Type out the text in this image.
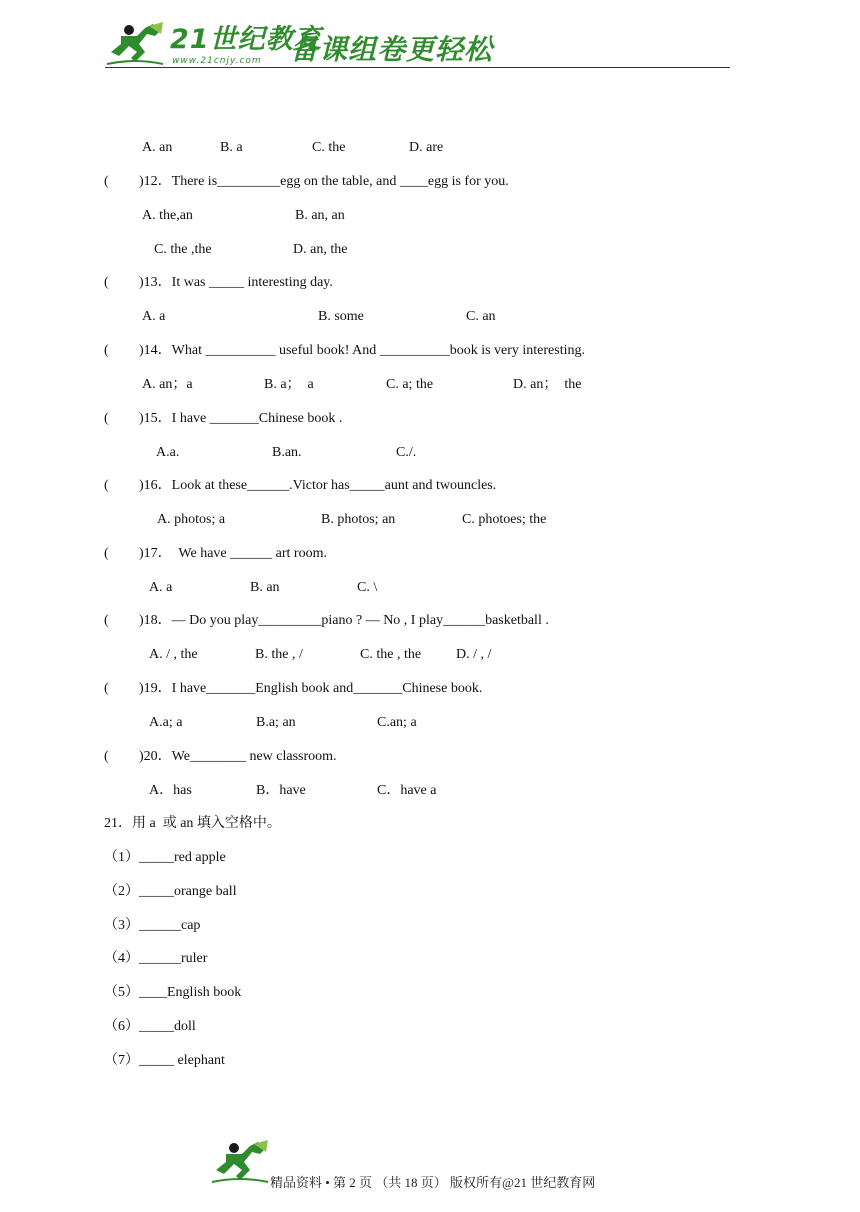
21世纪教育
www.21cnjy.com 备课组卷更轻松
A. an	B. a	C. the	D. are
( )12．There is_________egg on the table, and ____egg is for you.
A. the,an	B. an, an
C. the ,the	D. an, the
( )13．It was _____ interesting day.
A. a	B. some	C. an
( )14．What __________ useful book! And __________book is very interesting.
A. an；a	B. a；  a	C. a; the	D. an；  the
( )15．I have _______Chinese book .
A.a.	B.an.	C./.
( )16．Look at these______.Victor has_____aunt and twouncles.
A. photos; a	B. photos; an	C. photoes; the
( )17．  We have ______ art room.
A. a	B. an	C. \
( )18．— Do you play_________piano ? — No , I play______basketball .
A. / , the	B. the , /	C. the , the D. / , /
( )19．I have_______English book and_______Chinese book.
A.a; a	B.a; an	C.an; a
( )20．We________ new classroom.
A．has	B．have	C．have a
21．用 a  或 an 填入空格中。
（1）_____red apple
（2）_____orange ball
（3）______cap
（4）______ruler
（5）____English book
（6）_____doll
（7）_____ elephant
精品资料 • 第 2 页 （共 18 页） 版权所有@21 世纪教育网
